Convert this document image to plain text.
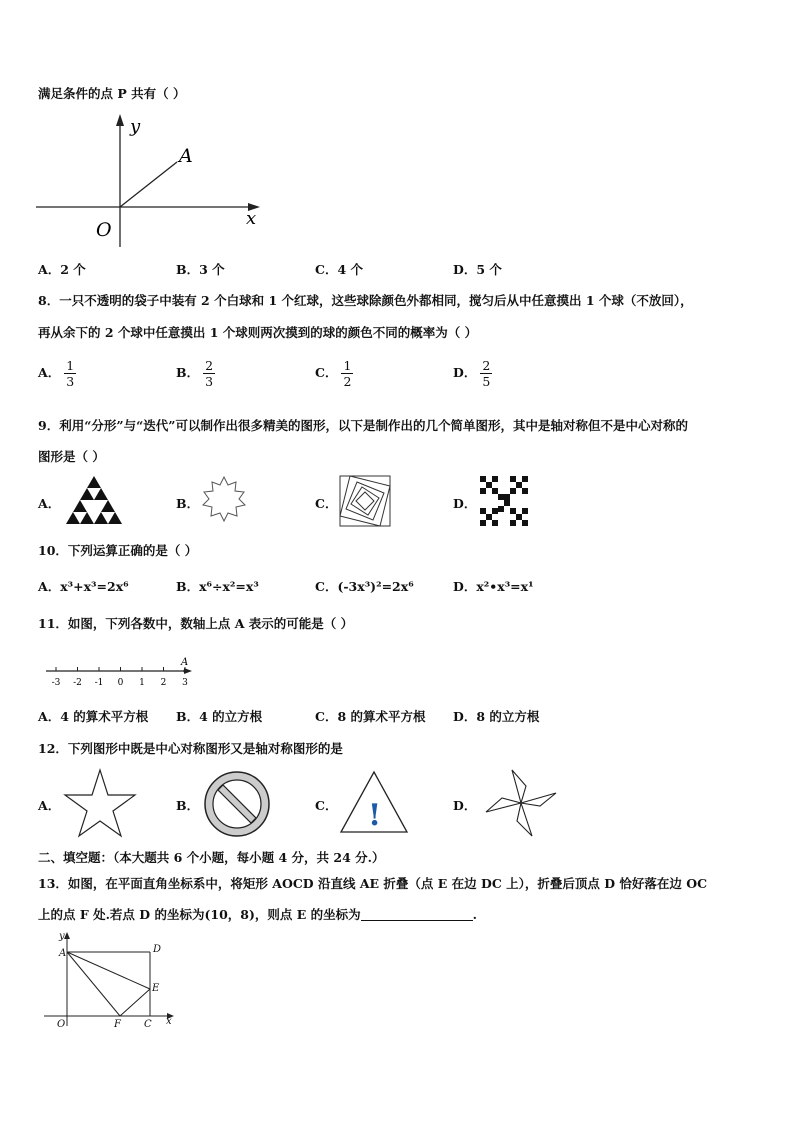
满足条件的点 P 共有（ ）
y
x
O
A
A．2 个	B．3 个	C．4 个	D．5 个
8．一只不透明的袋子中装有 2 个白球和 1 个红球，这些球除颜色外都相同，搅匀后从中任意摸出 1 个球（不放回），
再从余下的 2 个球中任意摸出 1 个球则两次摸到的球的颜色不同的概率为（ ）
A． $\frac{1}{3}$	B． $\frac{2}{3}$	C． $\frac{1}{2}$	D． $\frac{2}{5}$
9．利用“分形”与“迭代”可以制作出很多精美的图形，以下是制作出的几个简单图形，其中是轴对称但不是中心对称的
图形是（ ）
A．	B．	C．	D．
10．下列运算正确的是（ ）
A．x³+x³=2x⁶	B．x⁶÷x²=x³	C．(-3x³)²=2x⁶	D．x²•x³=x¹
11．如图，下列各数中，数轴上点 A 表示的可能是（ ）
-3 -2 -1 0 1 2 3
A
A．4 的算术平方根 B．4 的立方根	C．8 的算术平方根 D．8 的立方根
12．下列图形中既是中心对称图形又是轴对称图形的是
A．	B．	C． !	D．
二、填空题：（本大题共 6 个小题，每小题 4 分，共 24 分.）
13．如图，在平面直角坐标系中，将矩形 AOCD 沿直线 AE 折叠（点 E 在边 DC 上），折叠后顶点 D 恰好落在边 OC
上的点 F 处.若点 D 的坐标为(10，8)，则点 E 的坐标为	.
y
x
A	D
E
O	F C
